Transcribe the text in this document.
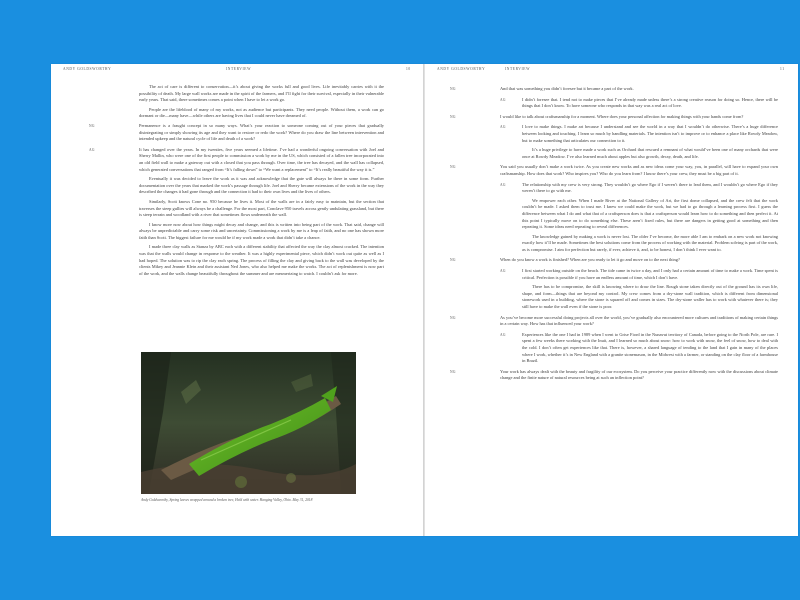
ANDY GOLDSWORTHY	INTERVIEW	10

The act of care is different to conservation—it’s about giving the works full and good lives. Life inevitably carries with it the possibility of death. My large wall works are made in the spirit of the farmers, and I’ll fight for their survival, especially in their vulnerable early years. That said, there sometimes comes a point when I have to let a work go.

People are the lifeblood of many of my works, not as audience but participants. They need people. Without them, a work can go dormant or die—many have—while others are having lives that I could never have dreamed of.

NG	Permanence is a fraught concept in so many ways. What’s your reaction to someone coming out of your pieces that gradually disintegrating or simply showing its age and they want to restore or redo the work? Where do you draw the line between intervention and intended upkeep and the natural cycle of life and death of a work?

AG	It has changed over the years. In my twenties, five years seemed a lifetime. I’ve had a wonderful ongoing conversation with Joel and Sherry Mallin, who were one of the first people to commission a work by me in the US, which consisted of a fallen tree incorporated into an old field wall to make a gateway out with a closed that you pass through. Over time, the tree has decayed, and the wall has collapsed, which generated conversations that ranged from “It’s falling down” to “We want a replacement” to “It’s really beautiful the way it is.”

Eventually it was decided to leave the work as it was and acknowledge that the gate will always be there in some form. Further documentation over the years that marked the work’s passage through life. Joel and Sherry became extensions of the work in the way they described the changes it had gone through and the connection it had to their own lives and the lives of others.

Similarly, Scott knows Cone no. 950 because he lives it. Most of the walls are in a fairly easy to maintain, but the section that traverses the steep gullies will always be a challenge. For the most part, Conclave 950 travels across gently undulating grassland, but there is steep terrain and woodland with a river that sometimes flows underneath the wall.

I know more now about how things might decay and change, and this is written into being part of the work. That said, change will always be unpredictable and carry some risk and uncertainty. Commissioning a work by me is a leap of faith, and no one has shown more faith than Scott. The biggest failure for me would be if my work made a work that didn’t take a chance.

I made three clay walls as Stanza by ABC each with a different stability that affected the way the clay almost cracked. The intention was that the walls would change in response to the weather. It was a highly experimental piece, which didn’t work out quite as well as I had hoped. The solution was to rip the clay each spring. The process of filling the clay and giving back to the wall was developed by the clients Mikey and Jeannie Klein and their assistant Ned Jones, who also helped me make the works. The act of replenishment is now part of the work, and the walls change beautifully throughout the summer and are mesmerizing to watch. I couldn’t ask for more.

Andy Goldsworthy, Spring leaves wrapped around a broken tree, Held with water. Hanging Valley, Ohio. May 31, 2018
ANDY GOLDSWORTHY	INTERVIEW	11
NG	And that was something you didn’t foresee but it became a part of the work.

AG	I didn’t foresee that. I tend not to make pieces that I’ve already made unless there’s a strong creative reason for doing so. Hence, there will be things that I don’t know. To have someone who responds in that way was a real act of love.

NG	I would like to talk about craftsmanship for a moment. Where does your personal affection for making things with your hands come from?

AG	I love to make things. I make art because I understand and see the world in a way that I wouldn’t do otherwise. There’s a huge difference between looking and touching. I learn so much by handling materials. The intention isn’t to improve or to enhance a place like Rowdy Meadow, but to make something that articulates our connection to it.

It’s a huge privilege to have made a work such as Orchard that rescued a remnant of what would’ve been one of many orchards that were once at Rowdy Meadow. I’ve also learned much about apples but also growth, decay, death, and life.

NG	You said you usually don’t make a work twice. As you create new works and as new ideas come your way, you, in parallel, will have to expand your own craftsmanship. How does that work? Who inspires you? Who do you learn from? I know there’s your crew, they must be a big part of it.

AG	The relationship with my crew is very strong. They wouldn’t go where Ego if I weren’t there to lead them, and I wouldn’t go where Ego if they weren’t there to go with me.

We empower each other. When I made River at the National Gallery of Art, the first dome collapsed, and the crew felt that the work couldn’t be made. I asked them to trust me. I knew we could make the work, but we had to go through a learning process first. I guess the difference between what I do and what that of a craftsperson does is that a craftsperson would learn how to do something and then perfect it. At this point I typically move on to do something else. These aren’t fixed rules, but there are dangers in getting good at something and then repeating it. Some ideas need repeating to reveal differences.

The knowledge gained by making a work is never lost. The older I’ve become, the more able I am to embark on a new work not knowing exactly how it’ll be made. Sometimes the best solutions come from the process of working with the material. Problem solving is part of the work, as is compromise. I aim for perfection but rarely, if ever, achieve it, and, to be honest, I don’t think I ever want to.

NG	When do you know a work is finished? When are you ready to let it go and move on to the next thing?

AG	I first started working outside on the beach. The tide came in twice a day, and I only had a certain amount of time to make a work. Time spent is critical. Perfection is possible if you have an endless amount of time, which I don’t have.

There has to be compromise, the skill is knowing where to draw the line. Rough stone taken directly out of the ground has its own life, shape, and form—things that are beyond my control. My crew comes from a dry-stone wall tradition, which is different from dimensional stonework used in a building, where the stone is squared off and comes in sizes. The dry-stone waller has to work with whatever there is; they still have to make the wall even if the stone is poor.

NG	As you’ve become more successful doing projects all over the world, you’ve gradually also encountered more cultures and traditions of making certain things in a certain way. How has that influenced your work?

AG	Experiences like the one I had in 1989 when I went to Grise Fiord in the Nunavut territory of Canada, before going to the North Pole, are rare. I spent a few weeks there working with the Inuit, and I learned so much about snow: how to work with snow, the feel of snow, how to deal with the cold. I don’t often get experiences like that. There is, however, a shared language of tending to the land that I gain in many of the places where I work, whether it’s in New England with a granite stonemason, in the Midwest with a farmer, or standing on the clay floor of a farmhouse in Brazil.

NG	Your work has always dealt with the beauty and fragility of our ecosystem. Do you perceive your practice differently now with the discussions about climate change and the finite nature of natural resources being at such an inflection point?
